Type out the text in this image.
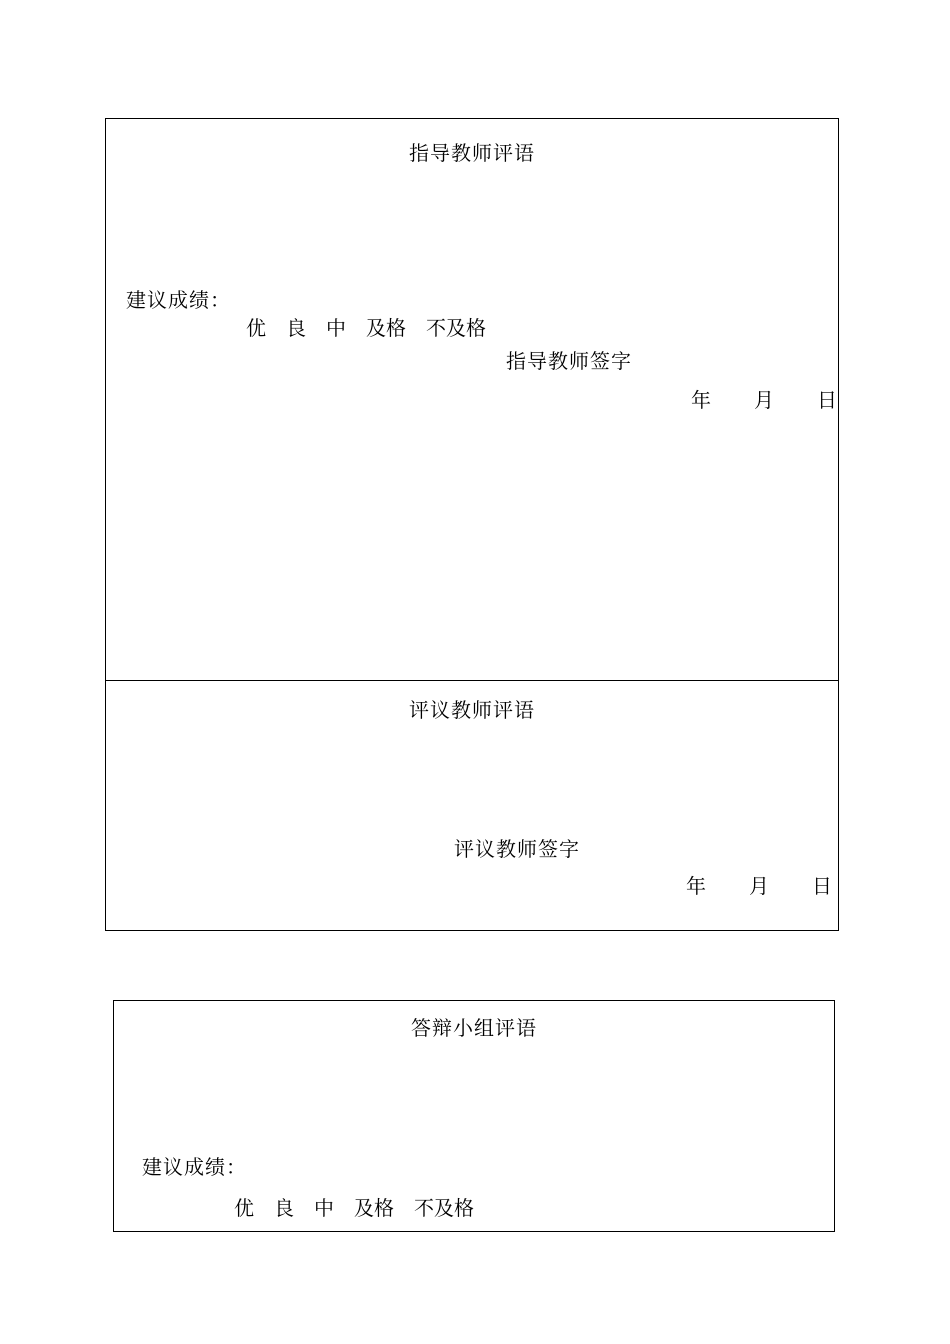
指导教师评语
建议成绩：
优　良　中　及格　不及格
指导教师签字
年　　月　　日
评议教师评语
评议教师签字
年　　月　　日
答辩小组评语
建议成绩：
优　良　中　及格　不及格
